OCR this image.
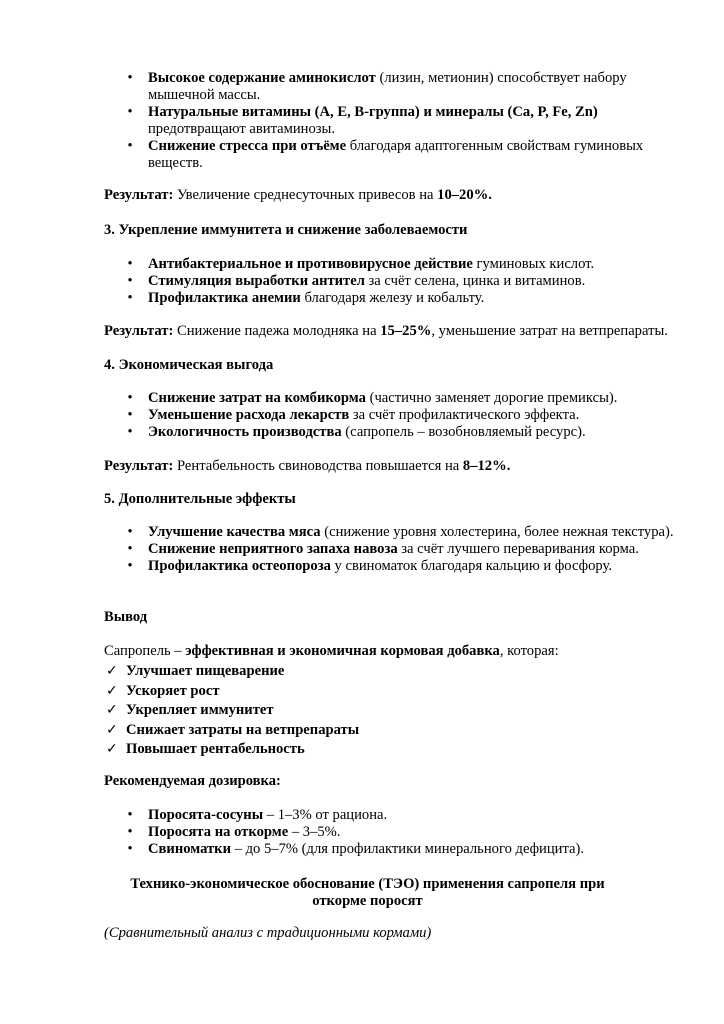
• Высокое содержание аминокислот (лизин, метионин) способствует набору мышечной массы.
• Натуральные витамины (A, E, B-группа) и минералы (Ca, P, Fe, Zn) предотвращают авитаминозы.
• Снижение стресса при отъёме благодаря адаптогенным свойствам гуминовых веществ.

Результат: Увеличение среднесуточных привесов на 10–20%.

3. Укрепление иммунитета и снижение заболеваемости

• Антибактериальное и противовирусное действие гуминовых кислот.
• Стимуляция выработки антител за счёт селена, цинка и витаминов.
• Профилактика анемии благодаря железу и кобальту.

Результат: Снижение падежа молодняка на 15–25%, уменьшение затрат на ветпрепараты.

4. Экономическая выгода

• Снижение затрат на комбикорма (частично заменяет дорогие премиксы).
• Уменьшение расхода лекарств за счёт профилактического эффекта.
• Экологичность производства (сапропель – возобновляемый ресурс).

Результат: Рентабельность свиноводства повышается на 8–12%.

5. Дополнительные эффекты

• Улучшение качества мяса (снижение уровня холестерина, более нежная текстура).
• Снижение неприятного запаха навоза за счёт лучшего переваривания корма.
• Профилактика остеопороза у свиноматок благодаря кальцию и фосфору.

Вывод

Сапропель – эффективная и экономичная кормовая добавка, которая:

✓ Улучшает пищеварение
✓ Ускоряет рост
✓ Укрепляет иммунитет
✓ Снижает затраты на ветпрепараты
✓ Повышает рентабельность

Рекомендуемая дозировка:

• Поросята-сосуны – 1–3% от рациона.
• Поросята на откорме – 3–5%.
• Свиноматки – до 5–7% (для профилактики минерального дефицита).

Технико-экономическое обоснование (ТЭО) применения сапропеля при откорме поросят

(Сравнительный анализ с традиционными кормами)
